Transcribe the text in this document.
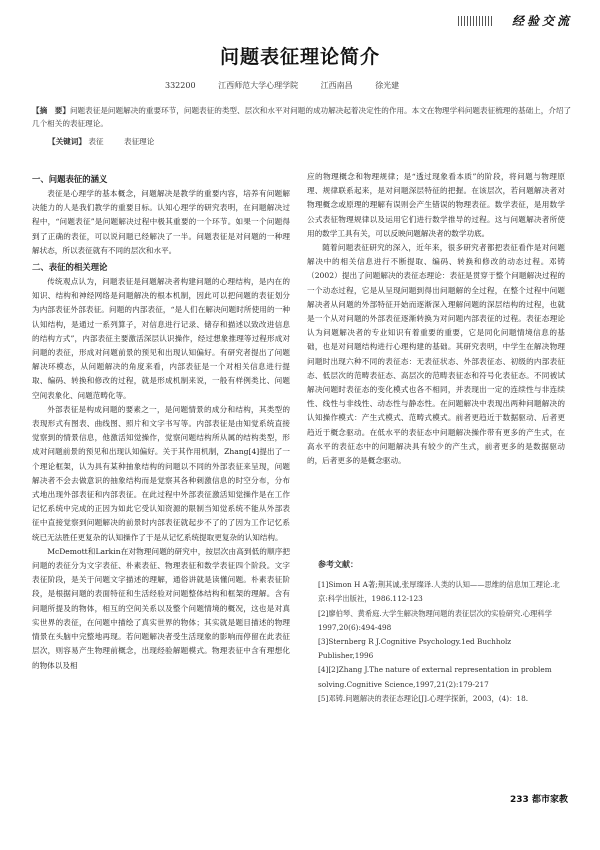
经验交流
问题表征理论简介
332200	江西师范大学心理学院	江西南昌	徐光建
【摘　要】问题表征是问题解决的重要环节，问题表征的类型、层次和水平对问题的成功解决起着决定性的作用。本文在物理学科问题表征梳理的基础上，介绍了几个相关的表征理论。
【关键词】 表征	表征理论
一、问题表征的涵义

表征是心理学的基本概念，问题解决是教学的重要内容，培养有问题解决能力的人是我们教学的重要目标。认知心理学的研究表明，在问题解决过程中，“问题表征”是问题解决过程中极其重要的一个环节。如果一个问题得到了正确的表征，可以说问题已经解决了一半。问题表征是对问题的一种理解状态，所以表征就有不同的层次和水平。

二、表征的相关理论

传统观点认为，问题表征是问题解决者构建问题的心理结构，是内在的知识、结构和神经网络是问题解决的根本机制，因此可以把问题的表征划分为内部表征外部表征。问题的内部表征，“是人们在解决问题时所使用的一种认知结构，是通过一系列算子，对信息进行记录、储存和描述以致改进信息的结构方式”，内部表征主要激活深层认识操作，经过想象推理等过程形成对问题的表征，形成对问题前景的预见和出现认知偏好。有研究者提出了问题解决环模态，从问题解决的角度来看，内部表征是一个对相关信息进行提取、编码、转换和修改的过程，就是形成机制来说，一般有样例类比、问题空间表象化、问题范畴化等。

外部表征是构成问题的要素之一，是问题情景的成分和结构，其类型的表现形式有图表、曲线图、照片和文字书写等。内部表征是由知觉系统直接觉察到的情景信息，他激活知觉操作，觉察问题结构所从属的结构类型，形成对问题前景的预见和出现认知偏好。关于其作用机制，Zhang[4]提出了一个理论框架，认为具有某种抽象结构的问题以不同的外部表征来呈现，问题解决者不会去做意识的抽象结构而是觉察其各种刺激信息的时空分布，分布式地出现外部表征和内部表征。在此过程中外部表征激活知觉操作是在工作记忆系统中完成的正因为如此它受认知资源的限制当知觉系统不能从外部表征中直接觉察到问题解决的前景时内部表征就起步不了的了因为工作记忆系统已无法胜任更复杂的认知操作了于是从记忆系统提取更复杂的认知结构。

McDemott和Larkin在对物理问题的研究中，按层次由高到低的顺序把问题的表征分为文字表征、朴素表征、物理表征和数学表征四个阶段。文字表征阶段，是关于问题文字描述的理解，通俗讲就是读懂问题。朴素表征阶段，是根据问题的表面特征和生活经验对问题整体结构和框架的理解。含有问题所提及的物体，相互的空间关系以及整个问题情境的概况，这也是对真实世界的表征，在问题中描绘了真实世界的物体；其实就是题目描述的物理情景在头脑中完整地再现。若问题解决者受生活现象的影响而停留在此表征层次，则容易产生物理前概念，出现经验解题模式。物理表征中含有理想化的物体以及相

应的物理概念和物理规律；是“透过现象看本质”的阶段，将问题与物理原理、规律联系起来，是对问题深层特征的把握。在该层次，若问题解决者对物理概念或原理的理解有误则会产生错误的物理表征。数学表征，是用数学公式表征物理规律以及运用它们进行数学推导的过程。这与问题解决者所使用的数学工具有关，可以反映问题解决者的数学功底。

随着问题表征研究的深入，近年来，很多研究者都把表征看作是对问题解决中的相关信息进行不断提取、编码、转换和修改的动态过程。邓铸（2002）提出了问题解决的表征态理论：表征是贯穿于整个问题解决过程的一个动态过程，它是从呈现问题到得出问题解的全过程，在整个过程中问题解决者从问题的外部特征开始而逐渐深入理解问题的深层结构的过程，也就是一个从对问题的外部表征逐渐转换为对问题内部表征的过程。表征态理论认为问题解决者的专业知识有着重要的重要，它是同化问题情境信息的基础，也是对问题结构进行心理构建的基础。其研究表明，中学生在解决物理问题时出现六种不同的表征态：无表征状态、外部表征态、初级的内部表征态、低层次的范畴表征态、高层次的范畴表征态和符号化表征态。不同被试解决问题时表征态的变化模式也各不相同，并表现出一定的连续性与非连续性、线性与非线性、动态性与静态性。在问题解决中表现出两种问题解决的认知操作模式：产生式模式、范畴式模式。前者更趋近于数据驱动、后者更趋近于概念驱动。在低水平的表征态中问题解决操作带有更多的产生式，在高水平的表征态中的问题解决具有较少的产生式，前者更多的是数据驱动的，后者更多的是概念驱动。

参考文献：
[1]Simon H A著;荆其诚,张厚璨译.人类的认知——思维的信息加工理论.北京:科学出版社，1986.112-123
[2]廖伯琴、黄希庭.大学生解决物理问题的表征层次的实验研究.心理科学1997,20(6):494-498
[3]Sternberg R J.Cognitive Psychology.1ed Buchholz Publisher,1996
[4][2]Zhang J.The nature of external representation in problem solving.Cognitive Science,1997,21(2):179-217
[5]邓铸.问题解决的表征态理论[J].心理学探新，2003，(4)：18.
233 都市家教
